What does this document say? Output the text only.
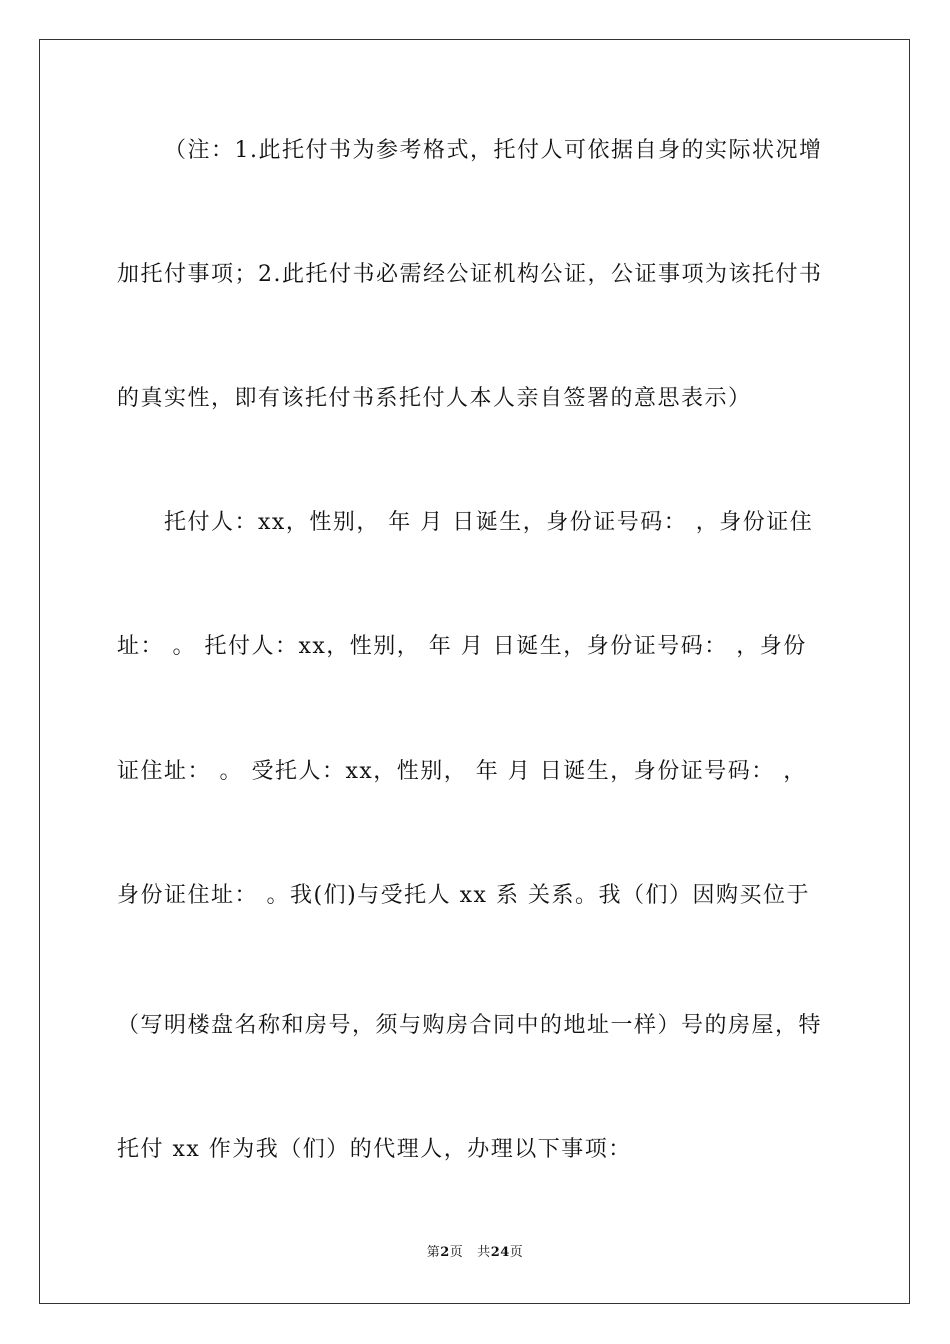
（注：1.此托付书为参考格式，托付人可依据自身的实际状况增
加托付事项；2.此托付书必需经公证机构公证，公证事项为该托付书
的真实性，即有该托付书系托付人本人亲自签署的意思表示）
托付人：xx，性别， 年 月 日诞生，身份证号码： ，身份证住
址： 。 托付人：xx，性别， 年 月 日诞生，身份证号码： ，身份
证住址： 。 受托人：xx，性别， 年 月 日诞生，身份证号码： ，
身份证住址： 。我(们)与受托人 xx 系 关系。我（们）因购买位于
（写明楼盘名称和房号，须与购房合同中的地址一样）号的房屋，特
托付 xx 作为我（们）的代理人，办理以下事项：
第2页 共24页
